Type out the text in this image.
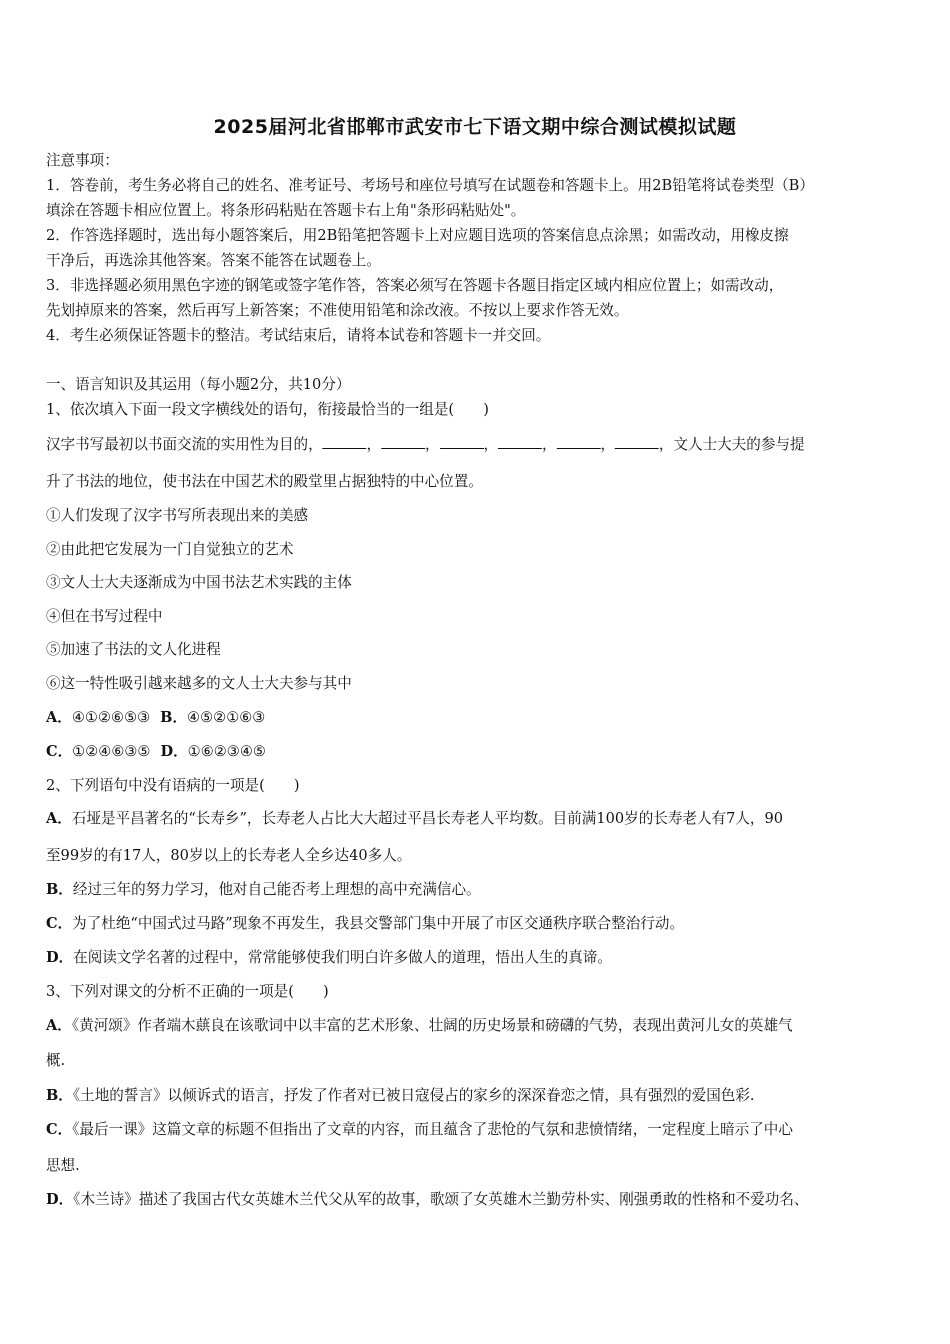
2025届河北省邯郸市武安市七下语文期中综合测试模拟试题
注意事项：
1．答卷前，考生务必将自己的姓名、准考证号、考场号和座位号填写在试题卷和答题卡上。用2B铅笔将试卷类型（B）
填涂在答题卡相应位置上。将条形码粘贴在答题卡右上角"条形码粘贴处"。
2．作答选择题时，选出每小题答案后，用2B铅笔把答题卡上对应题目选项的答案信息点涂黑；如需改动，用橡皮擦
干净后，再选涂其他答案。答案不能答在试题卷上。
3．非选择题必须用黑色字迹的钢笔或签字笔作答，答案必须写在答题卡各题目指定区域内相应位置上；如需改动，
先划掉原来的答案，然后再写上新答案；不准使用铅笔和涂改液。不按以上要求作答无效。
4．考生必须保证答题卡的整洁。考试结束后，请将本试卷和答题卡一并交回。
一、语言知识及其运用（每小题2分，共10分）
1、依次填入下面一段文字横线处的语句，衔接最恰当的一组是(　　)
汉字书写最初以书面交流的实用性为目的，	，	，	，	，	，	，文人士大夫的参与提
升了书法的地位，使书法在中国艺术的殿堂里占据独特的中心位置。
①人们发现了汉字书写所表现出来的美感
②由此把它发展为一门自觉独立的艺术
③文人士大夫逐渐成为中国书法艺术实践的主体
④但在书写过程中
⑤加速了书法的文人化进程
⑥这一特性吸引越来越多的文人士大夫参与其中
A．④①②⑥⑤③ B．④⑤②①⑥③
C．①②④⑥③⑤ D．①⑥②③④⑤
2、下列语句中没有语病的一项是(　　)
A．石垭是平昌著名的“长寿乡”，长寿老人占比大大超过平昌长寿老人平均数。目前满100岁的长寿老人有7人，90
至99岁的有17人，80岁以上的长寿老人全乡达40多人。
B．经过三年的努力学习，他对自己能否考上理想的高中充满信心。
C．为了杜绝“中国式过马路”现象不再发生，我县交警部门集中开展了市区交通秩序联合整治行动。
D．在阅读文学名著的过程中，常常能够使我们明白许多做人的道理，悟出人生的真谛。
3、下列对课文的分析不正确的一项是(　　)
A．《黄河颂》作者端木蕻良在该歌词中以丰富的艺术形象、壮阔的历史场景和磅礴的气势，表现出黄河儿女的英雄气
概.
B．《土地的誓言》以倾诉式的语言，抒发了作者对已被日寇侵占的家乡的深深眷恋之情，具有强烈的爱国色彩.
C．《最后一课》这篇文章的标题不但指出了文章的内容，而且蕴含了悲怆的气氛和悲愤情绪，一定程度上暗示了中心
思想.
D．《木兰诗》描述了我国古代女英雄木兰代父从军的故事，歌颂了女英雄木兰勤劳朴实、刚强勇敢的性格和不爱功名、
